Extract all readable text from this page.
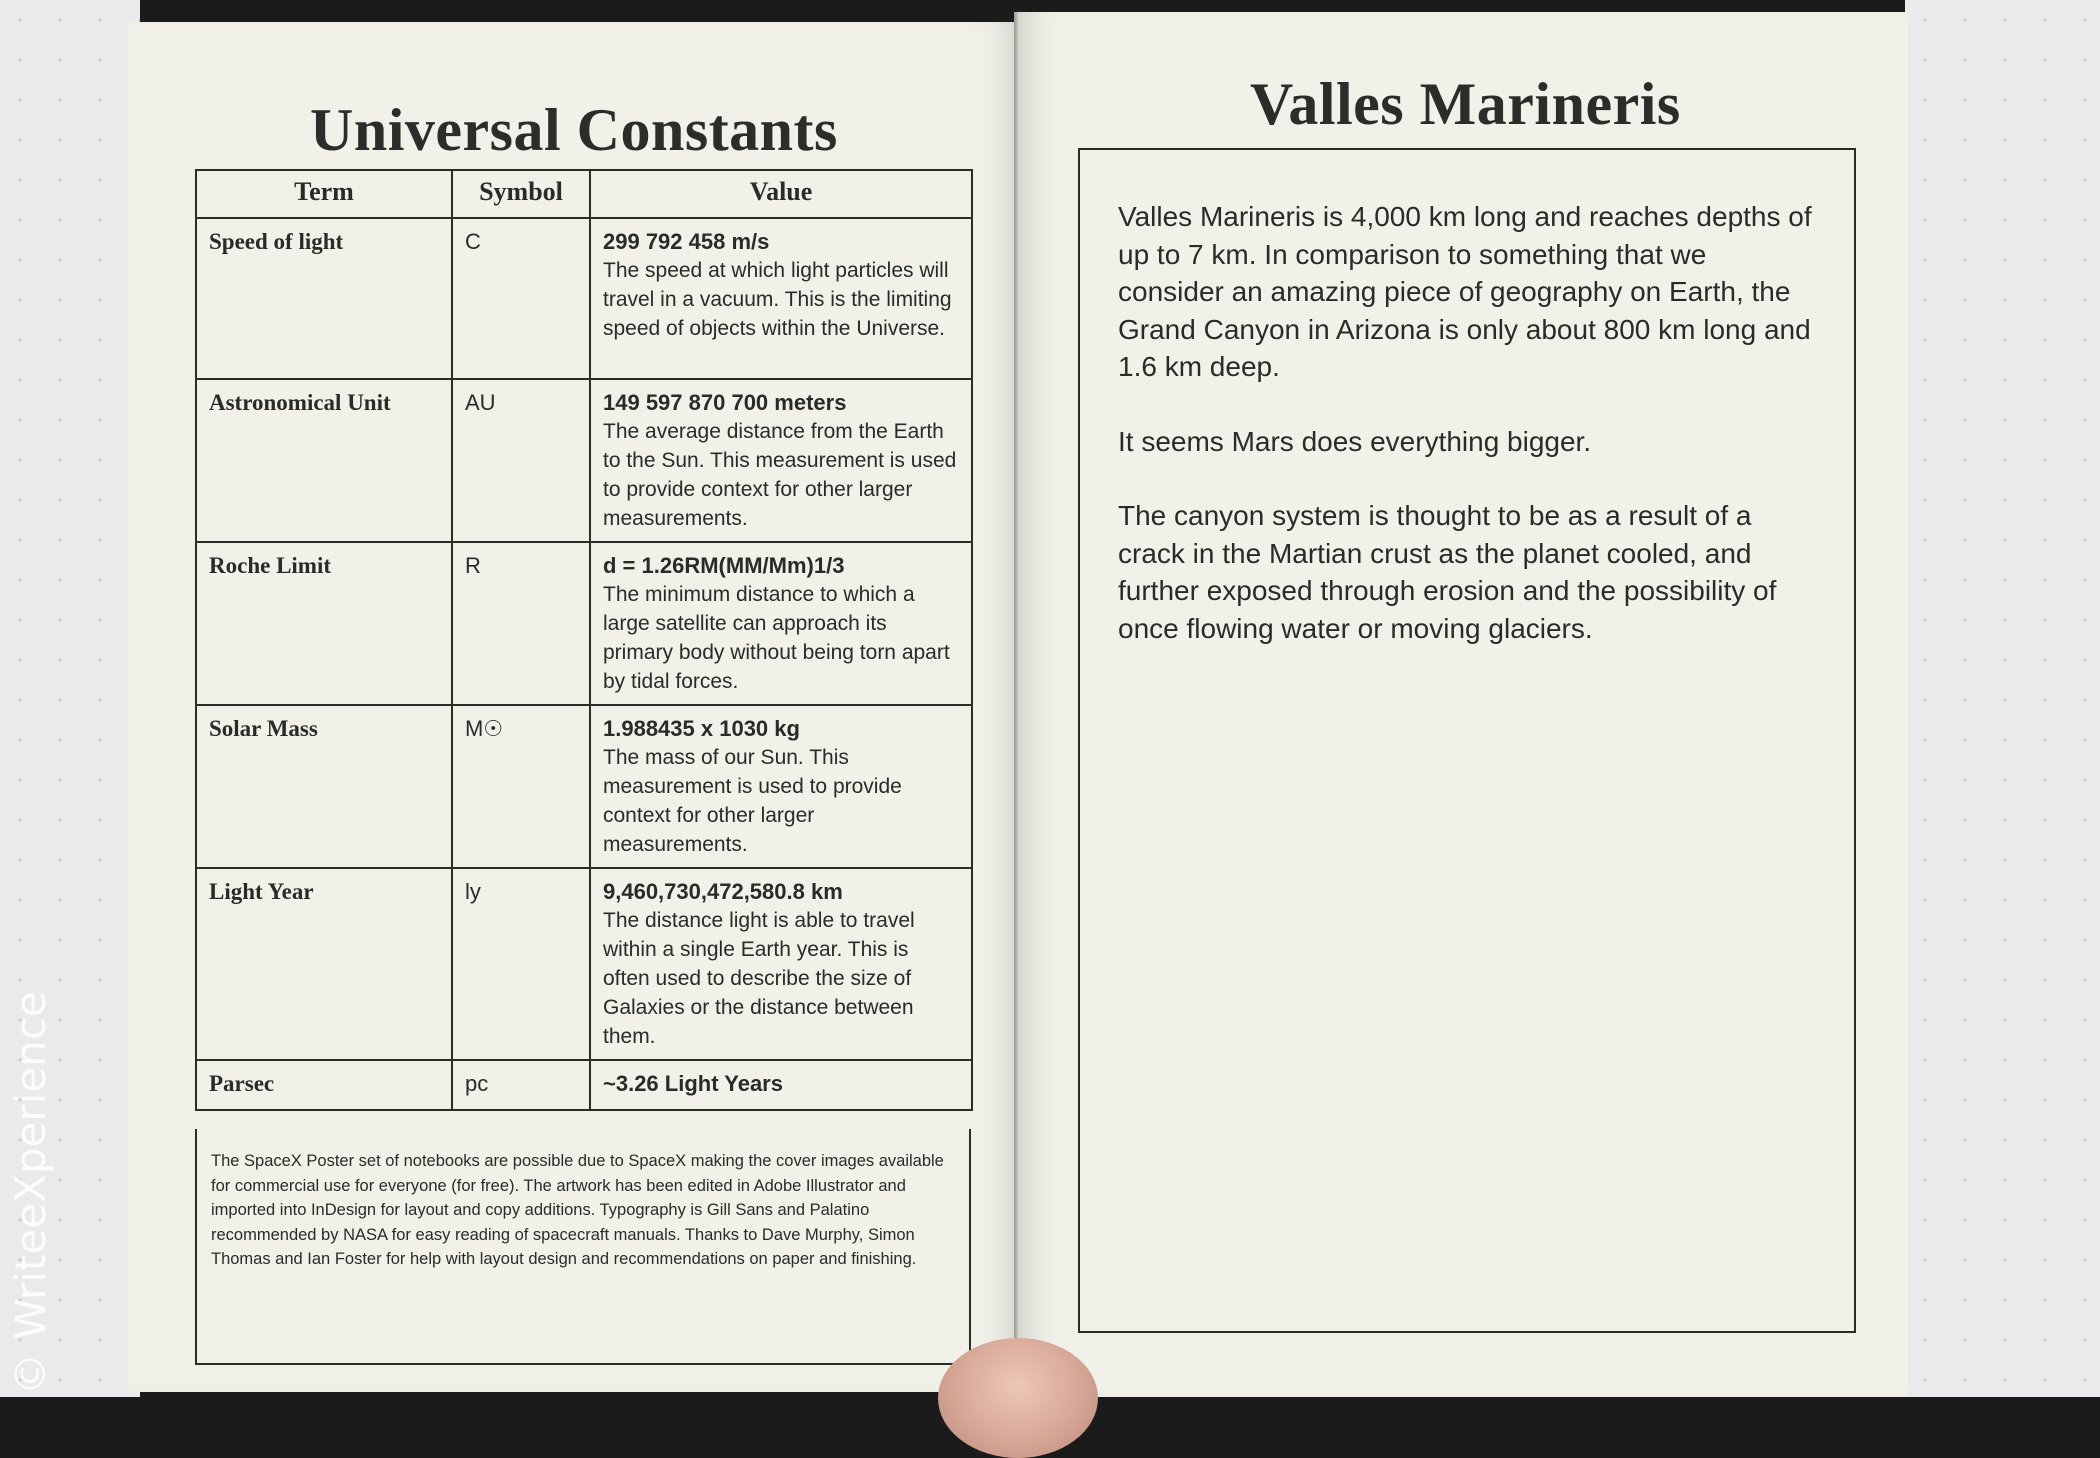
Universal Constants
Term	Symbol	Value
Speed of light	C	299 792 458 m/s
The speed at which light particles will travel in a vacuum. This is the limiting speed of objects within the Universe.

Astronomical Unit	AU	149 597 870 700 meters
The average distance from the Earth to the Sun. This measurement is used to provide context for other larger measurements.

Roche Limit	R	d = 1.26RM(MM/Mm)1/3
The minimum distance to which a large satellite can approach its primary body without being torn apart by tidal forces.

Solar Mass	M☉	1.988435 x 1030 kg
The mass of our Sun. This measurement is used to provide context for other larger measurements.

Light Year	ly	9,460,730,472,580.8 km
The distance light is able to travel within a single Earth year. This is often used to describe the size of Galaxies or the distance between them.

Parsec	pc	~3.26 Light Years
The SpaceX Poster set of notebooks are possible due to SpaceX making the cover images available for commercial use for everyone (for free). The artwork has been edited in Adobe Illustrator and imported into InDesign for layout and copy additions. Typography is Gill Sans and Palatino recommended by NASA for easy reading of spacecraft manuals. Thanks to Dave Murphy, Simon Thomas and Ian Foster for help with layout design and recommendations on paper and finishing.
Valles Marineris

Valles Marineris is 4,000 km long and reaches depths of up to 7 km. In comparison to something that we consider an amazing piece of geography on Earth, the Grand Canyon in Arizona is only about 800 km long and 1.6 km deep.

It seems Mars does everything bigger.

The canyon system is thought to be as a result of a crack in the Martian crust as the planet cooled, and further exposed through erosion and the possibility of once flowing water or moving glaciers.

© WriteeXperience
